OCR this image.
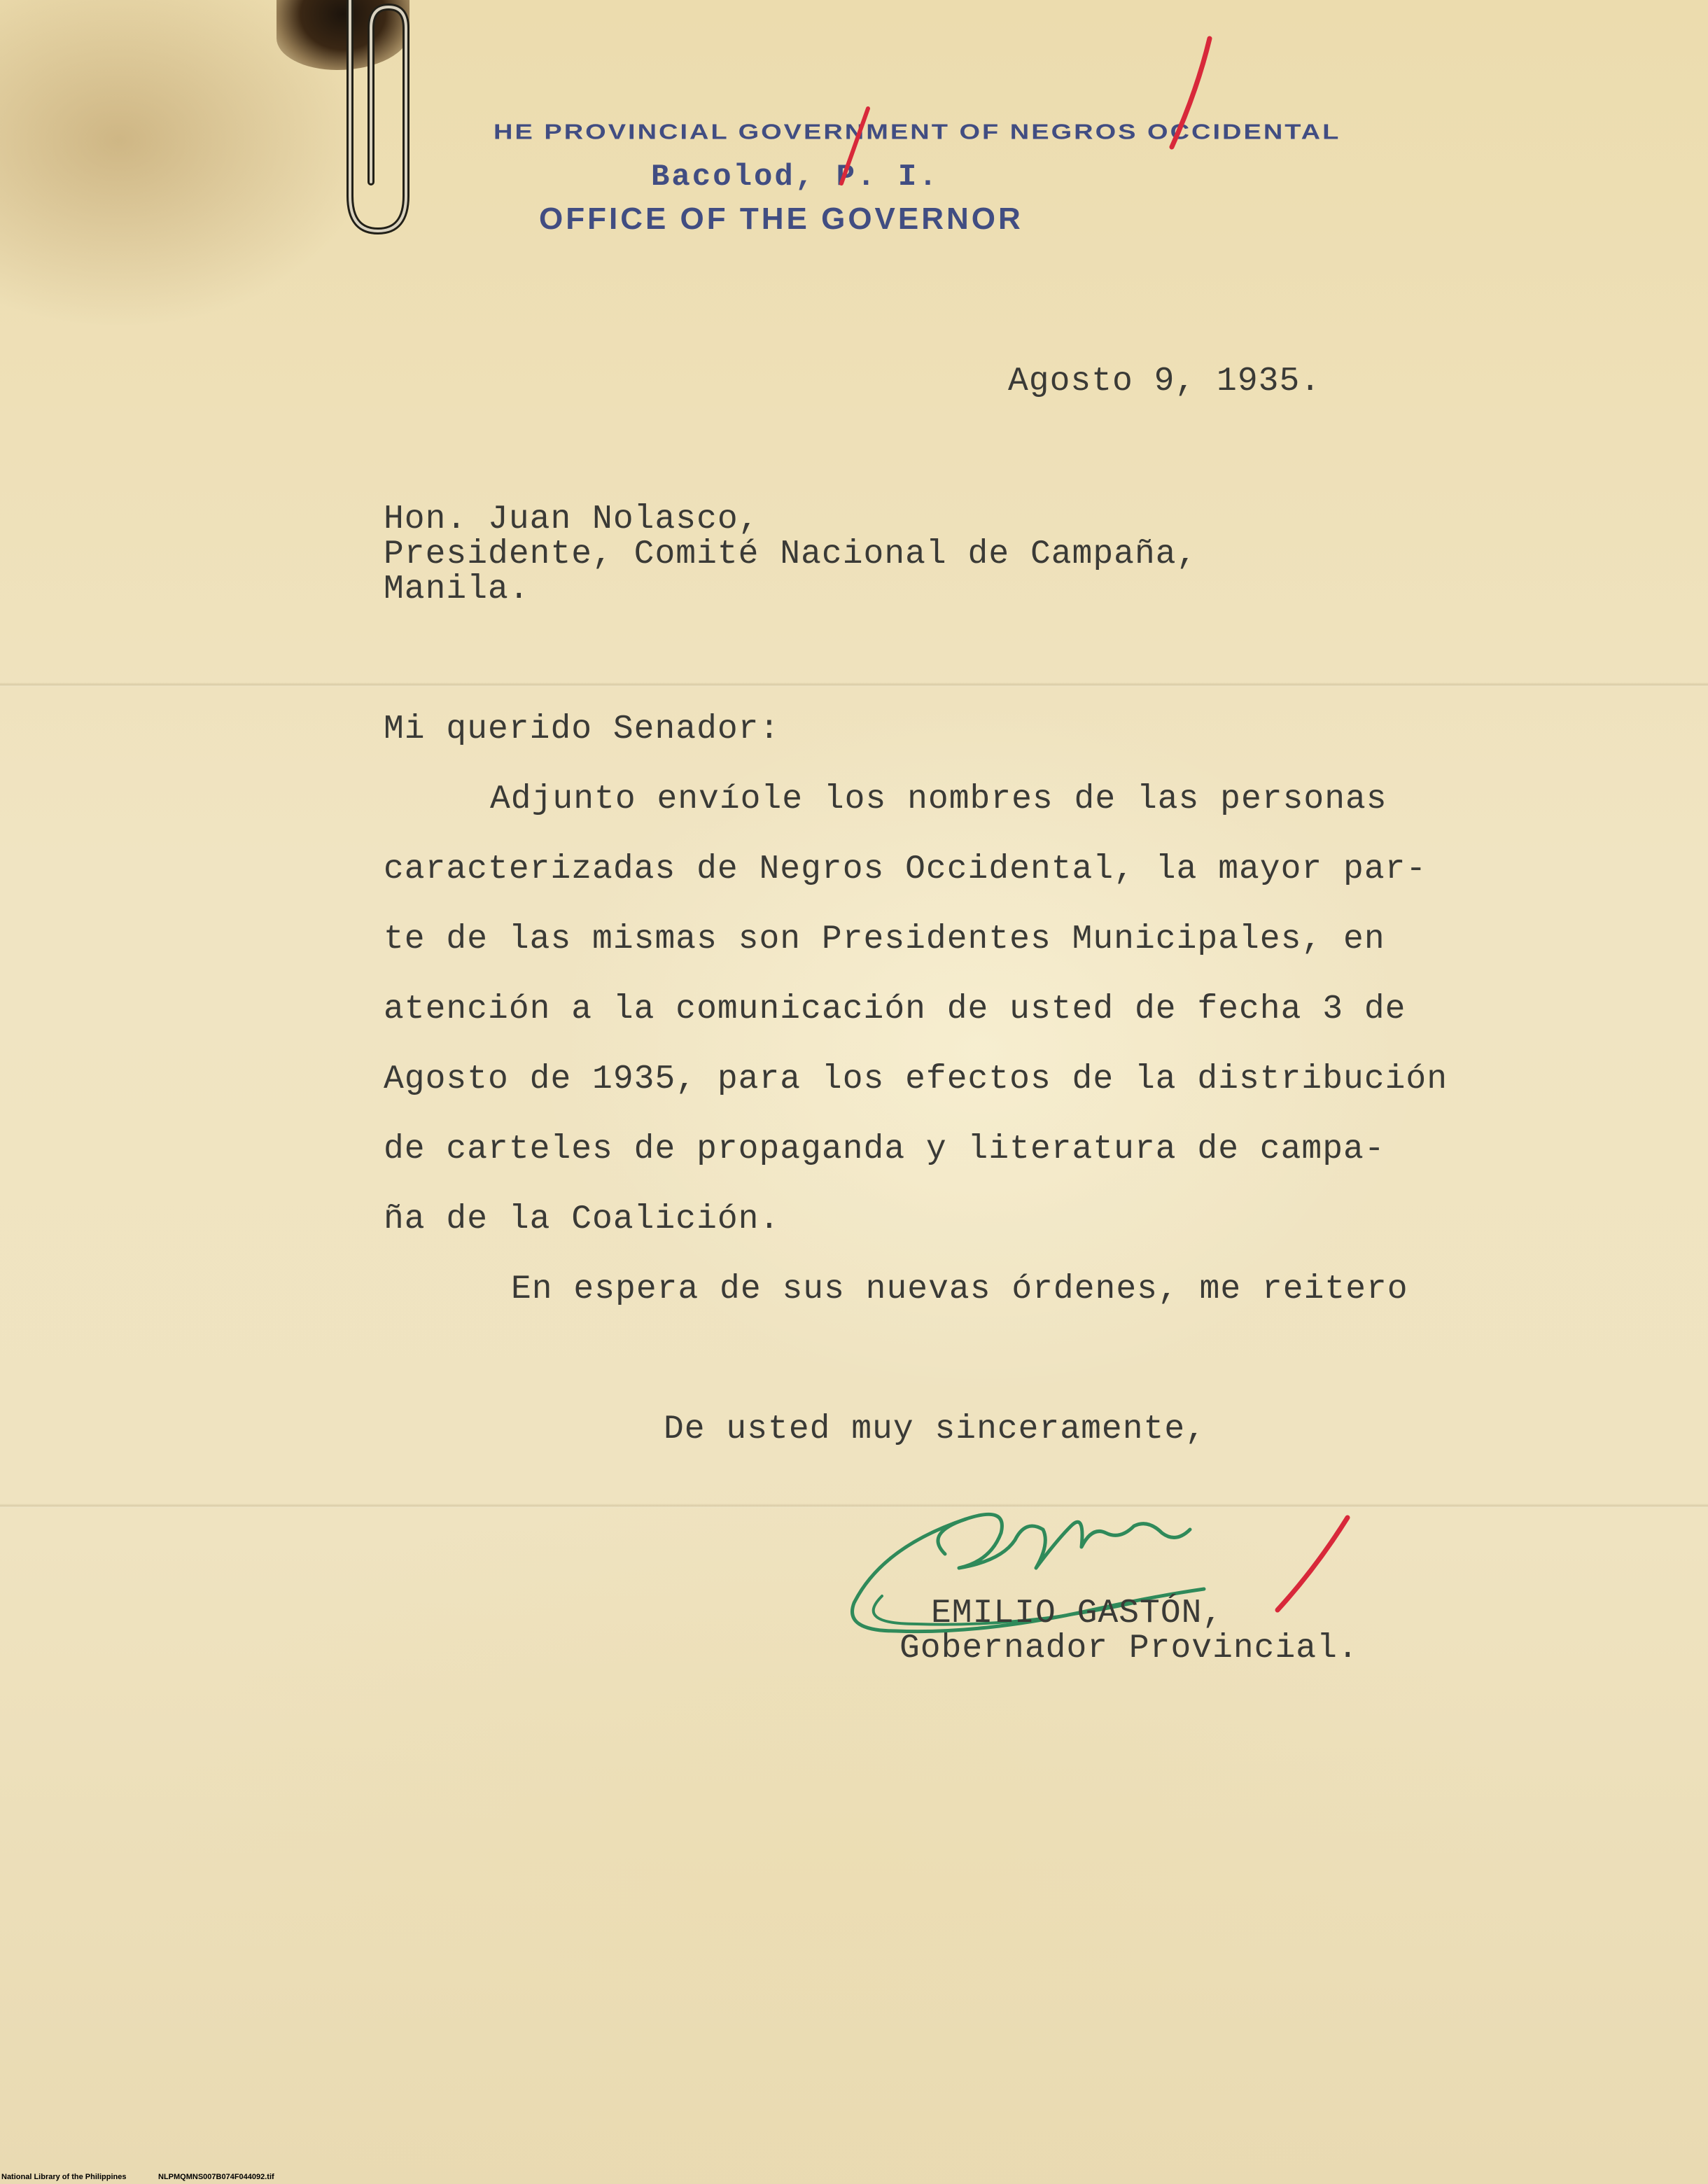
HE PROVINCIAL GOVERNMENT OF NEGROS OCCIDENTAL
Bacolod, P. I.
OFFICE OF THE GOVERNOR
Agosto 9, 1935.
Hon. Juan Nolasco,
Presidente, Comité Nacional de Campaña,
Manila.
Mi querido Senador:
Adjunto envíole los nombres de las personas
caracterizadas de Negros Occidental, la mayor par-
te de las mismas son Presidentes Municipales, en
atención a la comunicación de usted de fecha 3 de
Agosto de 1935, para los efectos de la distribución
de carteles de propaganda y literatura de campa-
ña de la Coalición.
En espera de sus nuevas órdenes, me reitero
De usted muy sinceramente,
EMILIO GASTÓN,
Gobernador Provincial.
National Library of the Philippines	NLPMQMNS007B074F044092.tif
